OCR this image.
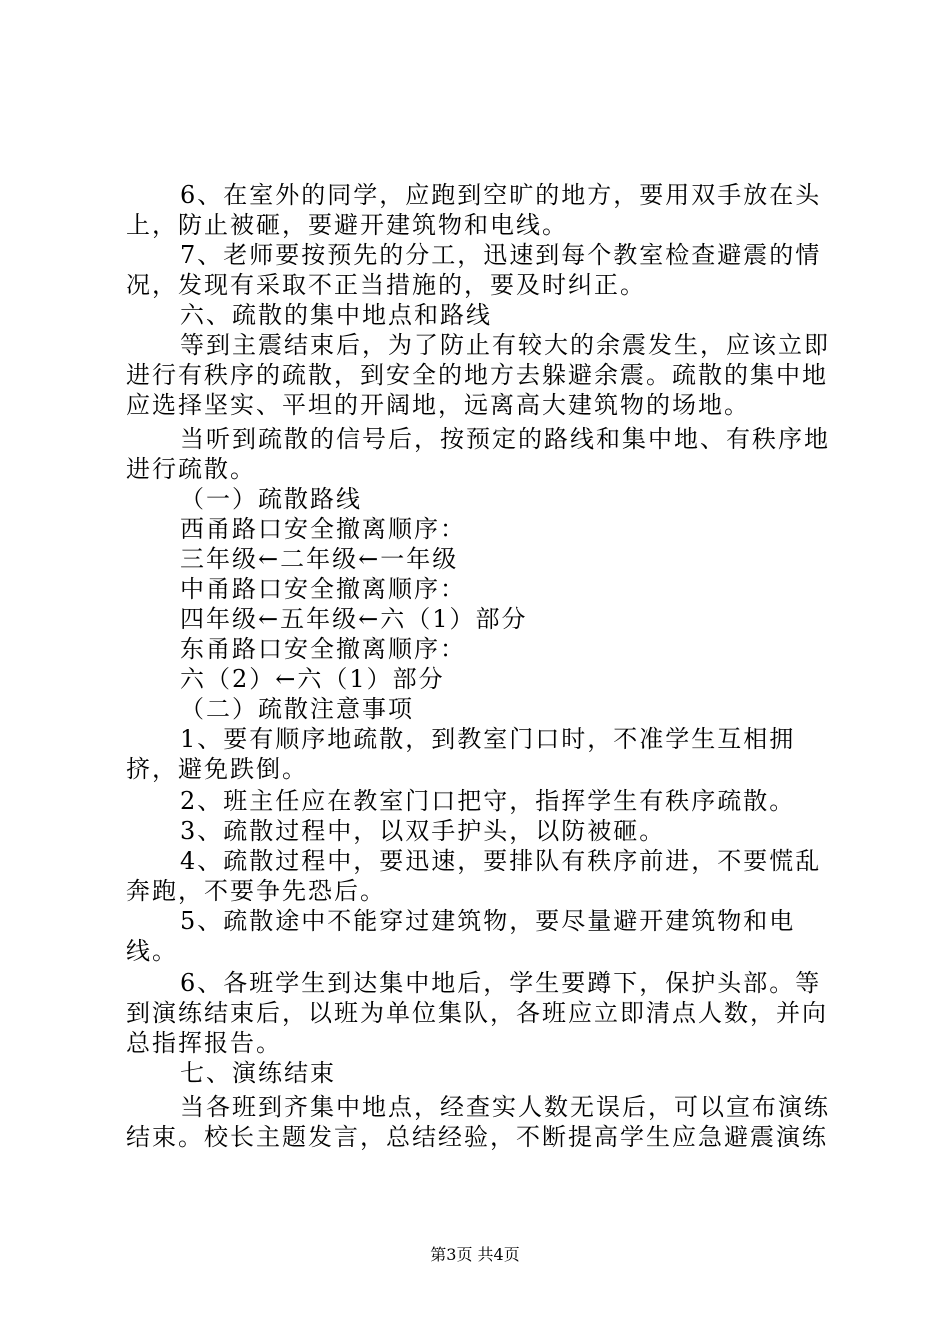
6、在室外的同学，应跑到空旷的地方，要用双手放在头上，防止被砸，要避开建筑物和电线。

7、老师要按预先的分工，迅速到每个教室检查避震的情况，发现有采取不正当措施的，要及时纠正。

六、疏散的集中地点和路线

等到主震结束后，为了防止有较大的余震发生，应该立即进行有秩序的疏散，到安全的地方去躲避余震。疏散的集中地应选择坚实、平坦的开阔地，远离高大建筑物的场地。

当听到疏散的信号后，按预定的路线和集中地、有秩序地进行疏散。

（一）疏散路线

西甬路口安全撤离顺序：

三年级←二年级←一年级

中甬路口安全撤离顺序：

四年级←五年级←六（1）部分

东甬路口安全撤离顺序：

六（2）←六（1）部分

（二）疏散注意事项

1、要有顺序地疏散，到教室门口时，不准学生互相拥挤，避免跌倒。

2、班主任应在教室门口把守，指挥学生有秩序疏散。

3、疏散过程中，以双手护头，以防被砸。

4、疏散过程中，要迅速，要排队有秩序前进，不要慌乱奔跑，不要争先恐后。

5、疏散途中不能穿过建筑物，要尽量避开建筑物和电线。

6、各班学生到达集中地后，学生要蹲下，保护头部。等到演练结束后，以班为单位集队，各班应立即清点人数，并向总指挥报告。

七、演练结束

当各班到齐集中地点，经查实人数无误后，可以宣布演练结束。校长主题发言，总结经验，不断提高学生应急避震演练

第3页 共4页
